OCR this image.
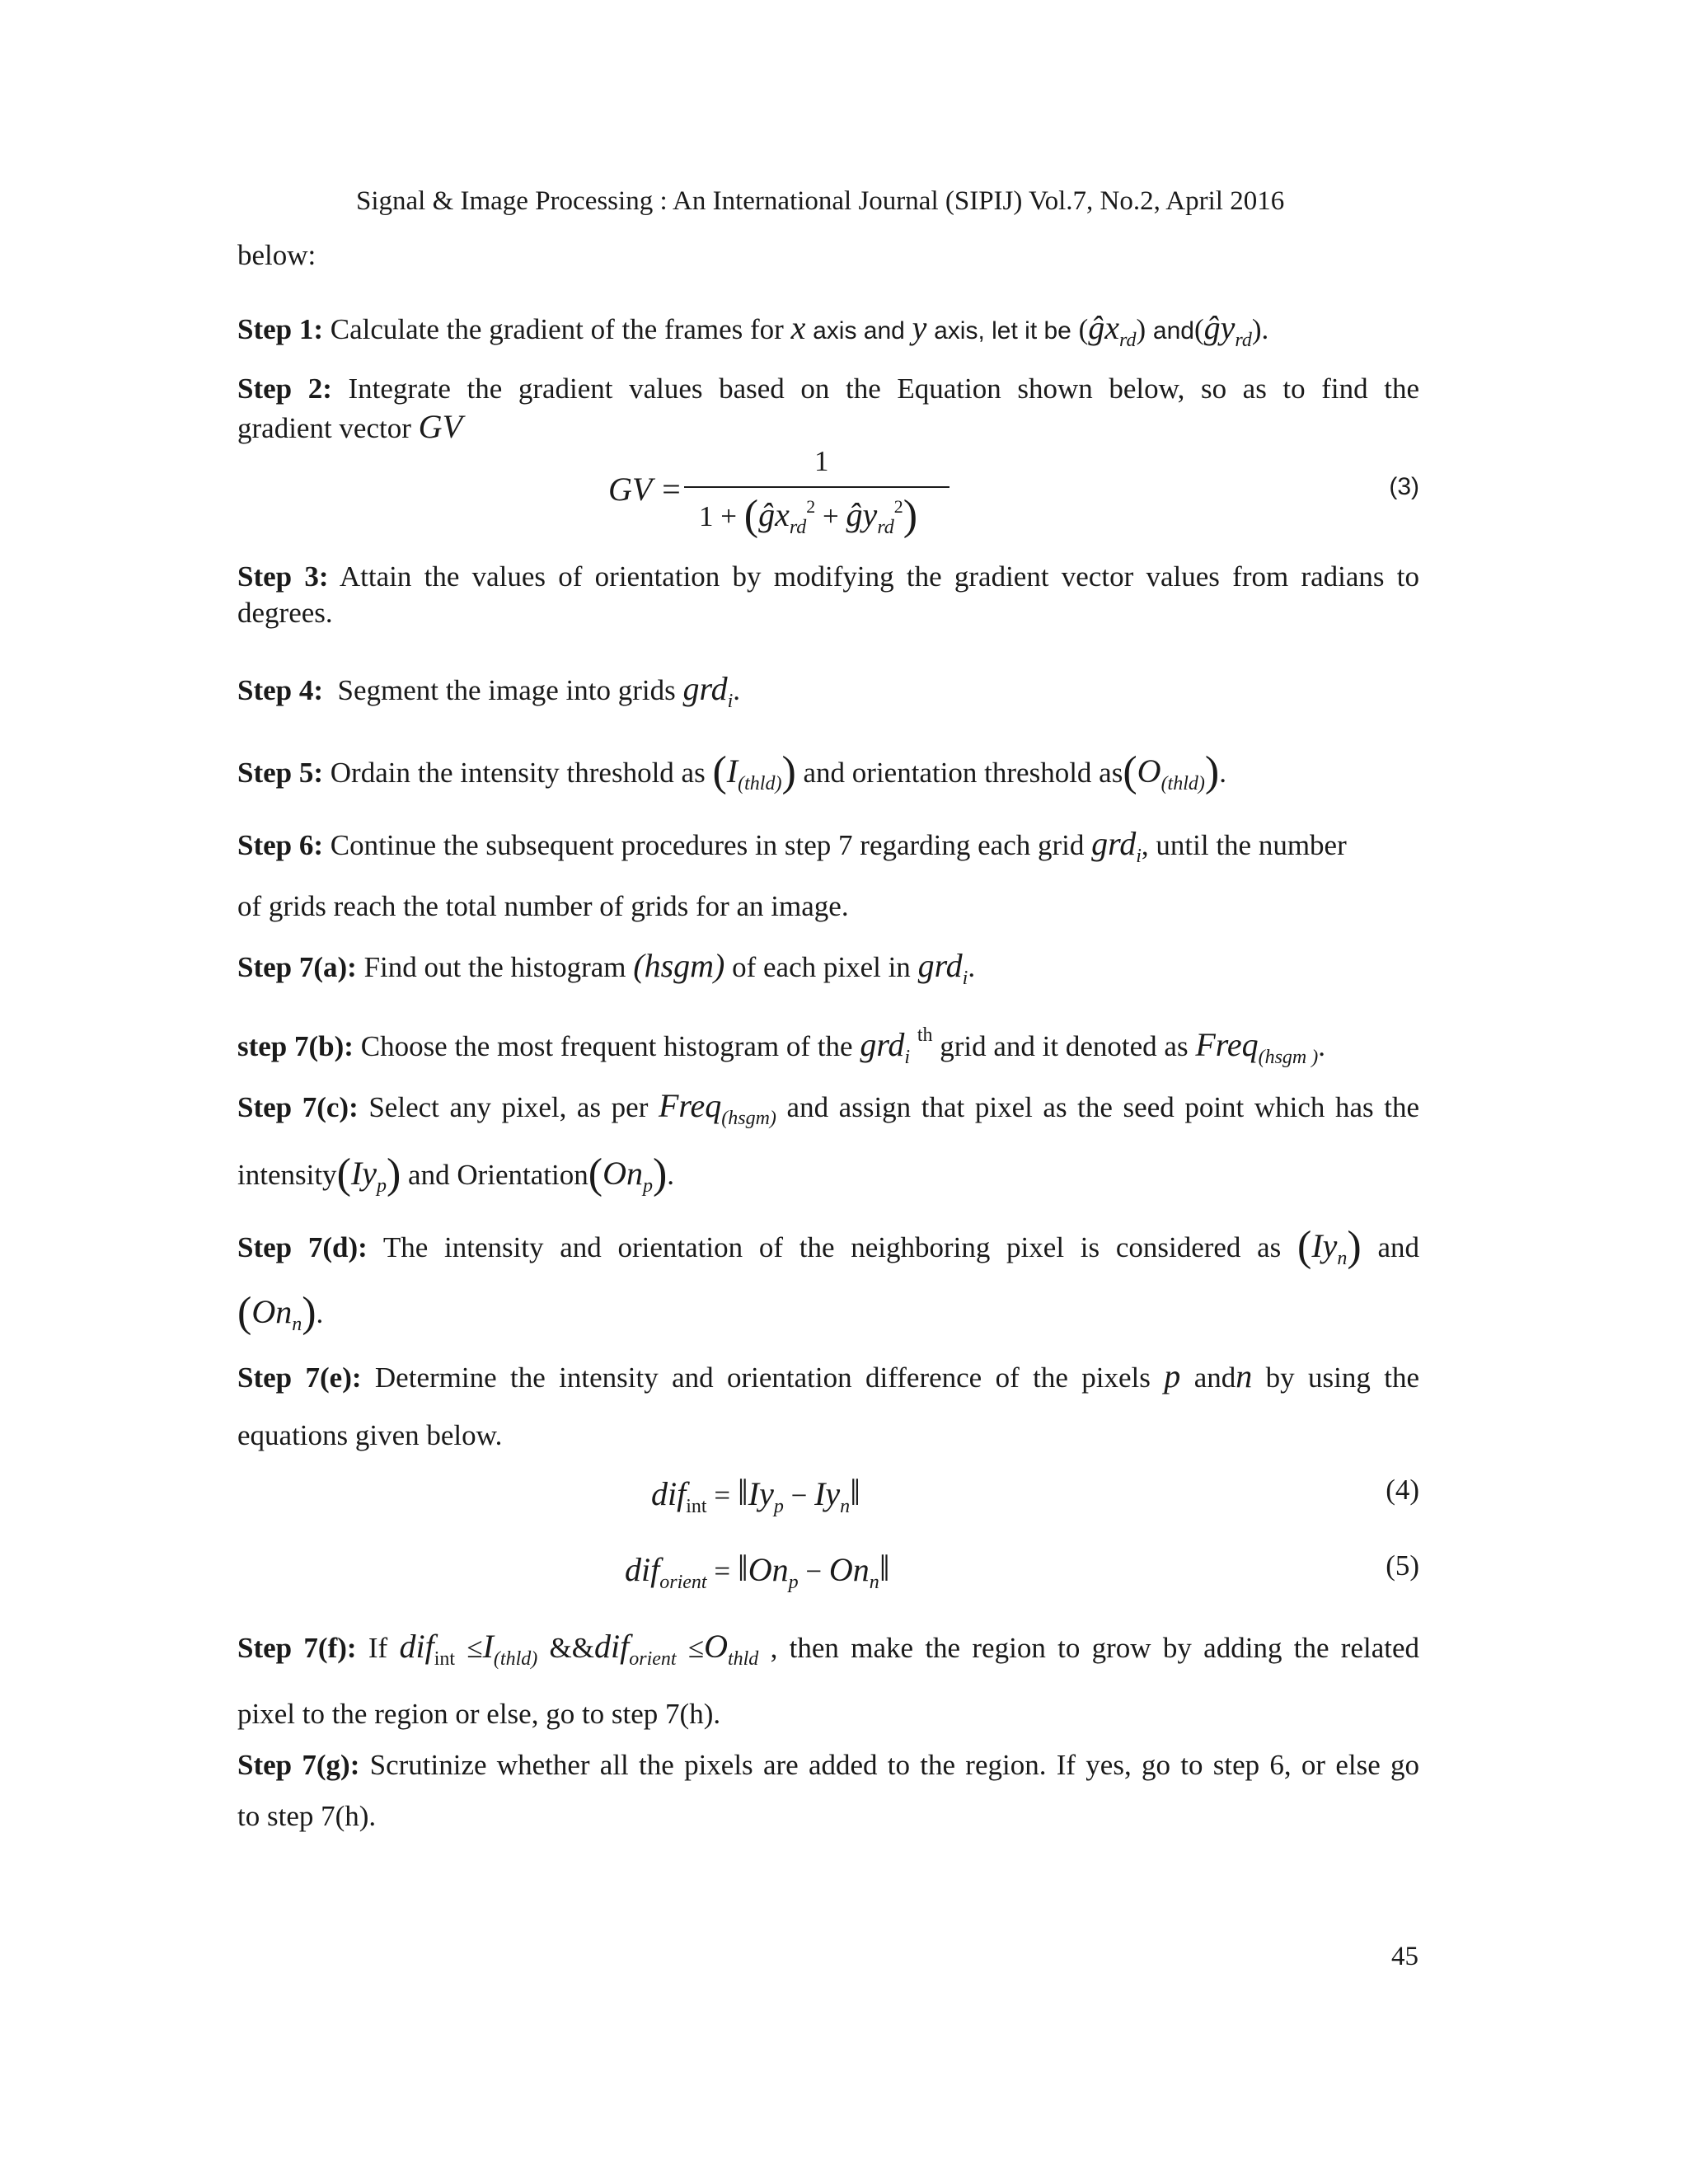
Signal & Image Processing : An International Journal (SIPIJ) Vol.7, No.2, April 2016
below:
Step 1: Calculate the gradient of the frames for x axis and y axis, let it be $(ĝx_{rd})$ $and(ĝy_{rd})$.
Step 2: Integrate the gradient values based on the Equation shown below, so as to find the
gradient vector GV
GV =
1
$1 + (ĝx_{rd}^2$ + $ĝy_{rd}^2$)
(3)
Step 3: Attain the values of orientation by modifying the gradient vector values from radians to
degrees.
Step 4: Segment the image into grids grd$_i$.
Step 5: Ordain the intensity threshold as $(I_{(thld)})$ and orientation threshold $as(O_{(thld)})$.
Step 6: Continue the subsequent procedures in step 7 regarding each grid grd$_i$, until the number
of grids reach the total number of grids for an image.
Step 7(a): Find out the histogram (hsgm) of each pixel in grd$_i$.
step 7(b): Choose the most frequent histogram of the grd$_i$ $^{th}$ grid and it denoted as Freq$_{(hsgm )}$.
Step 7(c): Select any pixel, as per Freq$_{(hsgm)}$ and assign that pixel as the seed point which has the
$intensity(Iy_p)$ and $Orientation(On_p)$.
Step 7(d): The intensity and orientation of the neighboring pixel is considered as $(Iy_n)$ and
$(On_n)$.
Step 7(e): Determine the intensity and orientation difference of the pixels p andn by using the
equations given below.
$dif_{int} = ‖Iy_p$ − $Iy_n‖$	(4)
$dif_{orient} = ‖On_p$ − $On_n‖$	(5)
Step 7(f): If $dif_{int} \le I_{(thld)}$ &&dif$_{orient}$ $\le O_{thld}$ , then make the region to grow by adding the related
pixel to the region or else, go to step 7(h).
Step 7(g): Scrutinize whether all the pixels are added to the region. If yes, go to step 6, or else go
to step 7(h).
45
